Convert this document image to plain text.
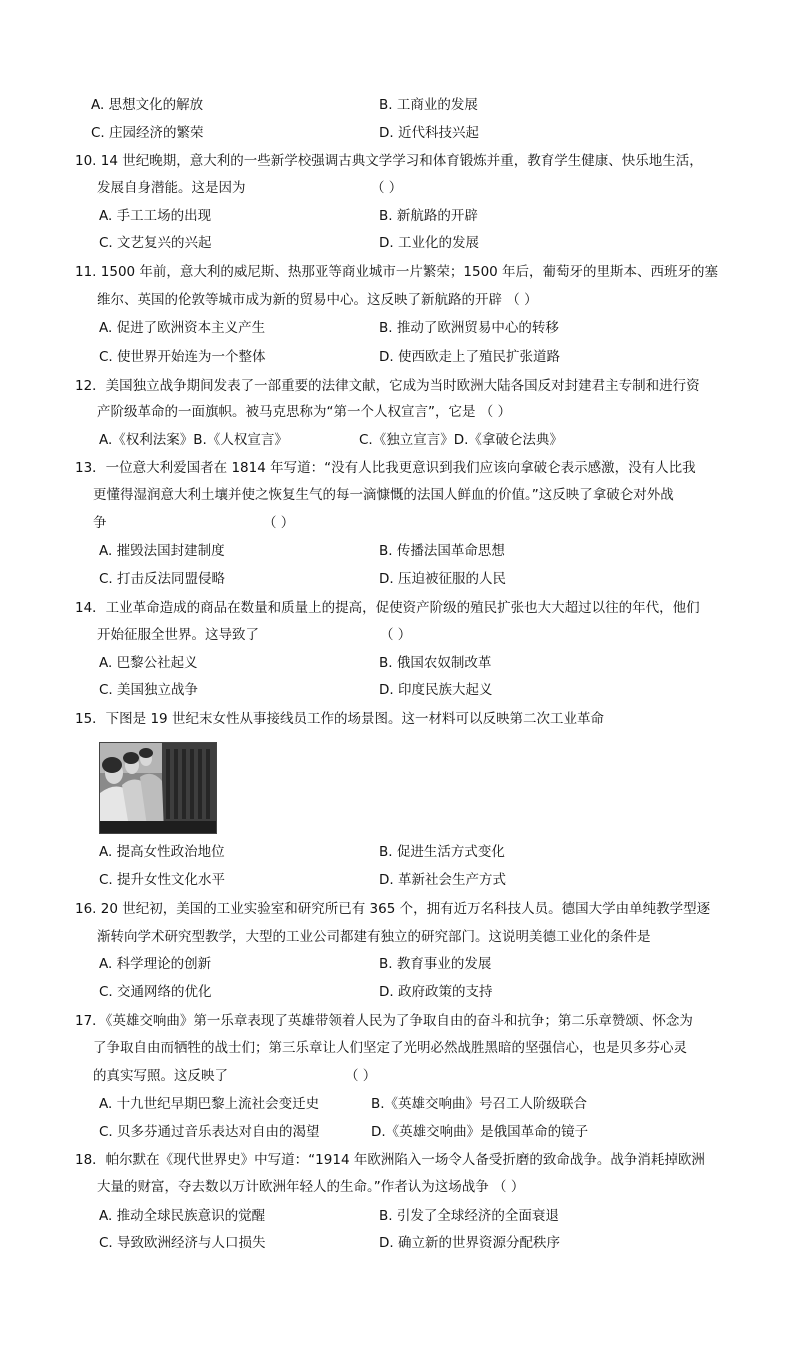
A. 思想文化的解放	B. 工商业的发展
C. 庄园经济的繁荣	D. 近代科技兴起
10. 14 世纪晚期，意大利的一些新学校强调古典文学学习和体育锻炼并重，教育学生健康、快乐地生活，
发展自身潜能。这是因为	（ ）
A. 手工工场的出现	B. 新航路的开辟
C. 文艺复兴的兴起	D. 工业化的发展
11. 1500 年前，意大利的威尼斯、热那亚等商业城市一片繁荣；1500 年后，葡萄牙的里斯本、西班牙的塞
维尔、英国的伦敦等城市成为新的贸易中心。这反映了新航路的开辟 （ ）
A. 促进了欧洲资本主义产生	B. 推动了欧洲贸易中心的转移
C. 使世界开始连为一个整体	D. 使西欧走上了殖民扩张道路
12．美国独立战争期间发表了一部重要的法律文献，它成为当时欧洲大陆各国反对封建君主专制和进行资
产阶级革命的一面旗帜。被马克思称为“第一个人权宣言”，它是 （ ）
A.《权利法案》B.《人权宣言》	C.《独立宣言》D.《拿破仑法典》
13．一位意大利爱国者在 1814 年写道：“没有人比我更意识到我们应该向拿破仑表示感激，没有人比我
更懂得湿润意大利土壤并使之恢复生气的每一滴慷慨的法国人鲜血的价值。”这反映了拿破仑对外战
争	（ ）
A. 摧毁法国封建制度	B. 传播法国革命思想
C. 打击反法同盟侵略	D. 压迫被征服的人民
14．工业革命造成的商品在数量和质量上的提高，促使资产阶级的殖民扩张也大大超过以往的年代，他们
开始征服全世界。这导致了	（ ）
A. 巴黎公社起义	B. 俄国农奴制改革
C. 美国独立战争	D. 印度民族大起义
15．下图是 19 世纪末女性从事接线员工作的场景图。这一材料可以反映第二次工业革命
A. 提高女性政治地位	B. 促进生活方式变化
C. 提升女性文化水平	D. 革新社会生产方式
16. 20 世纪初，美国的工业实验室和研究所已有 365 个，拥有近万名科技人员。德国大学由单纯教学型逐
渐转向学术研究型教学，大型的工业公司都建有独立的研究部门。这说明美德工业化的条件是
A. 科学理论的创新	B. 教育事业的发展
C. 交通网络的优化	D. 政府政策的支持
17．《英雄交响曲》第一乐章表现了英雄带领着人民为了争取自由的奋斗和抗争；第二乐章赞颂、怀念为
了争取自由而牺牲的战士们；第三乐章让人们坚定了光明必然战胜黑暗的坚强信心，也是贝多芬心灵
的真实写照。这反映了	（ ）
A. 十九世纪早期巴黎上流社会变迁史	B.《英雄交响曲》号召工人阶级联合
C. 贝多芬通过音乐表达对自由的渴望	D.《英雄交响曲》是俄国革命的镜子
18．帕尔默在《现代世界史》中写道：“1914 年欧洲陷入一场令人备受折磨的致命战争。战争消耗掉欧洲
大量的财富，夺去数以万计欧洲年轻人的生命。”作者认为这场战争 （ ）
A. 推动全球民族意识的觉醒	B. 引发了全球经济的全面衰退
C. 导致欧洲经济与人口损失	D. 确立新的世界资源分配秩序
